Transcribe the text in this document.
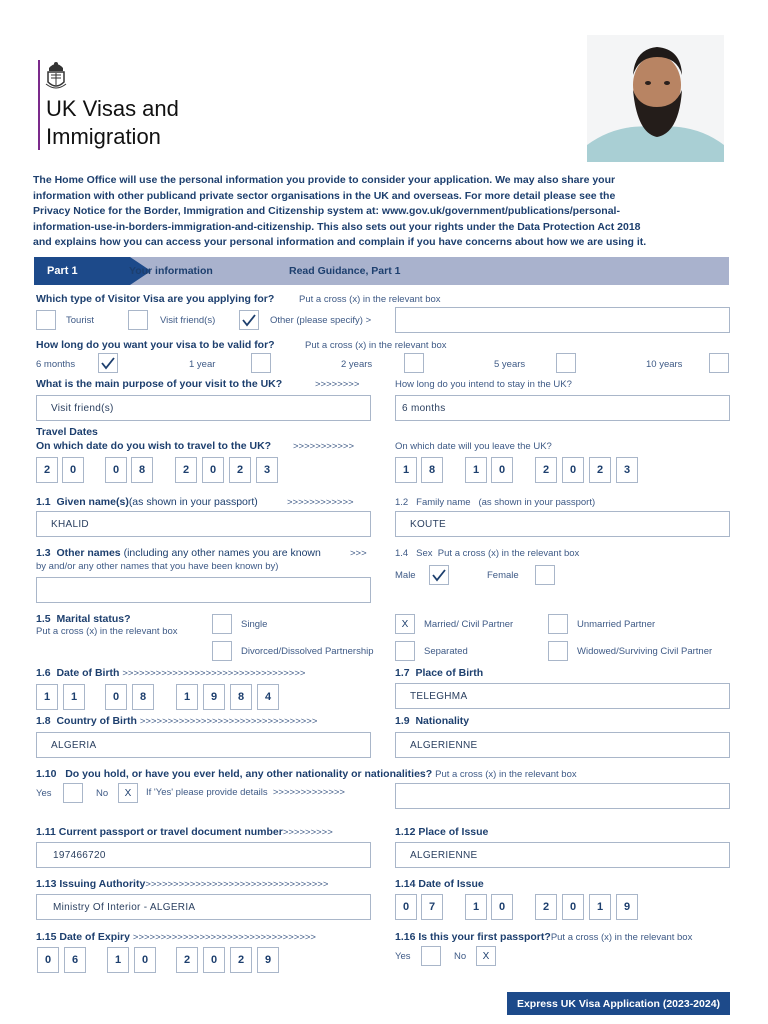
UK Visas and
Immigration
The Home Office will use the personal information you provide to consider your application. We may also share your
information with other publicand private sector organisations in the UK and overseas. For more detail please see the
Privacy Notice for the Border, Immigration and Citizenship system at: www.gov.uk/government/publications/personal-
information-use-in-borders-immigration-and-citizenship. This also sets out your rights under the Data Protection Act 2018
and explains how you can access your personal information and complain if you have concerns about how we are using it.
Part 1	Your information	Read Guidance, Part 1
Which type of Visitor Visa are you applying for?	Put a cross (x) in the relevant box
Tourist	Visit friend(s)	Other (please specify) >
How long do you want your visa to be valid for?	Put a cross (x) in the relevant box
6 months	1 year	2 years	5 years	10 years
What is the main purpose of your visit to the UK?	>>>>>>>>
Visit friend(s)
How long do you intend to stay in the UK?
6 months
Travel Dates
On which date do you wish to travel to the UK? >>>>>>>>>>>	On which date will you leave the UK?
2	0	0	8	2	0	2	3	1	8	1	0	2	0	2	3
1.1 Given name(s)(as shown in your passport)	>>>>>>>>>>>>
KHALID
1.2 Family name (as shown in your passport)
KOUTE
1.3 Other names (including any other names you are known	>>>
by and/or any other names that you have been known by)
1.4 Sex Put a cross (x) in the relevant box
Male	Female
1.5 Marital status?
Put a cross (x) in the relevant box
Single	X	Married/ Civil Partner	Unmarried Partner
Divorced/Dissolved Partnership	Separated	Widowed/Surviving Civil Partner
1.6 Date of Birth >>>>>>>>>>>>>>>>>>>>>>>>>>>>>>>>>
1	1	0	8	1	9	8	4
1.7 Place of Birth
TELEGHMA
1.8 Country of Birth >>>>>>>>>>>>>>>>>>>>>>>>>>>>>>>>
ALGERIA
1.9 Nationality
ALGERIENNE
1.10 Do you hold, or have you ever held, any other nationality or nationalities? Put a cross (x) in the relevant box
Yes	No	X	If 'Yes' please provide details >>>>>>>>>>>>>
1.11 Current passport or travel document number>>>>>>>>>
197466720
1.12 Place of Issue
ALGERIENNE
1.13 Issuing Authority>>>>>>>>>>>>>>>>>>>>>>>>>>>>>>>>>
Ministry Of Interior - ALGERIA
1.14 Date of Issue
0	7	1	0	2	0	1	9
1.15 Date of Expiry >>>>>>>>>>>>>>>>>>>>>>>>>>>>>>>>>
0	6	1	0	2	0	2	9
1.16 Is this your first passport?Put a cross (x) in the relevant box
Yes	No	X
Express UK Visa Application (2023-2024)
